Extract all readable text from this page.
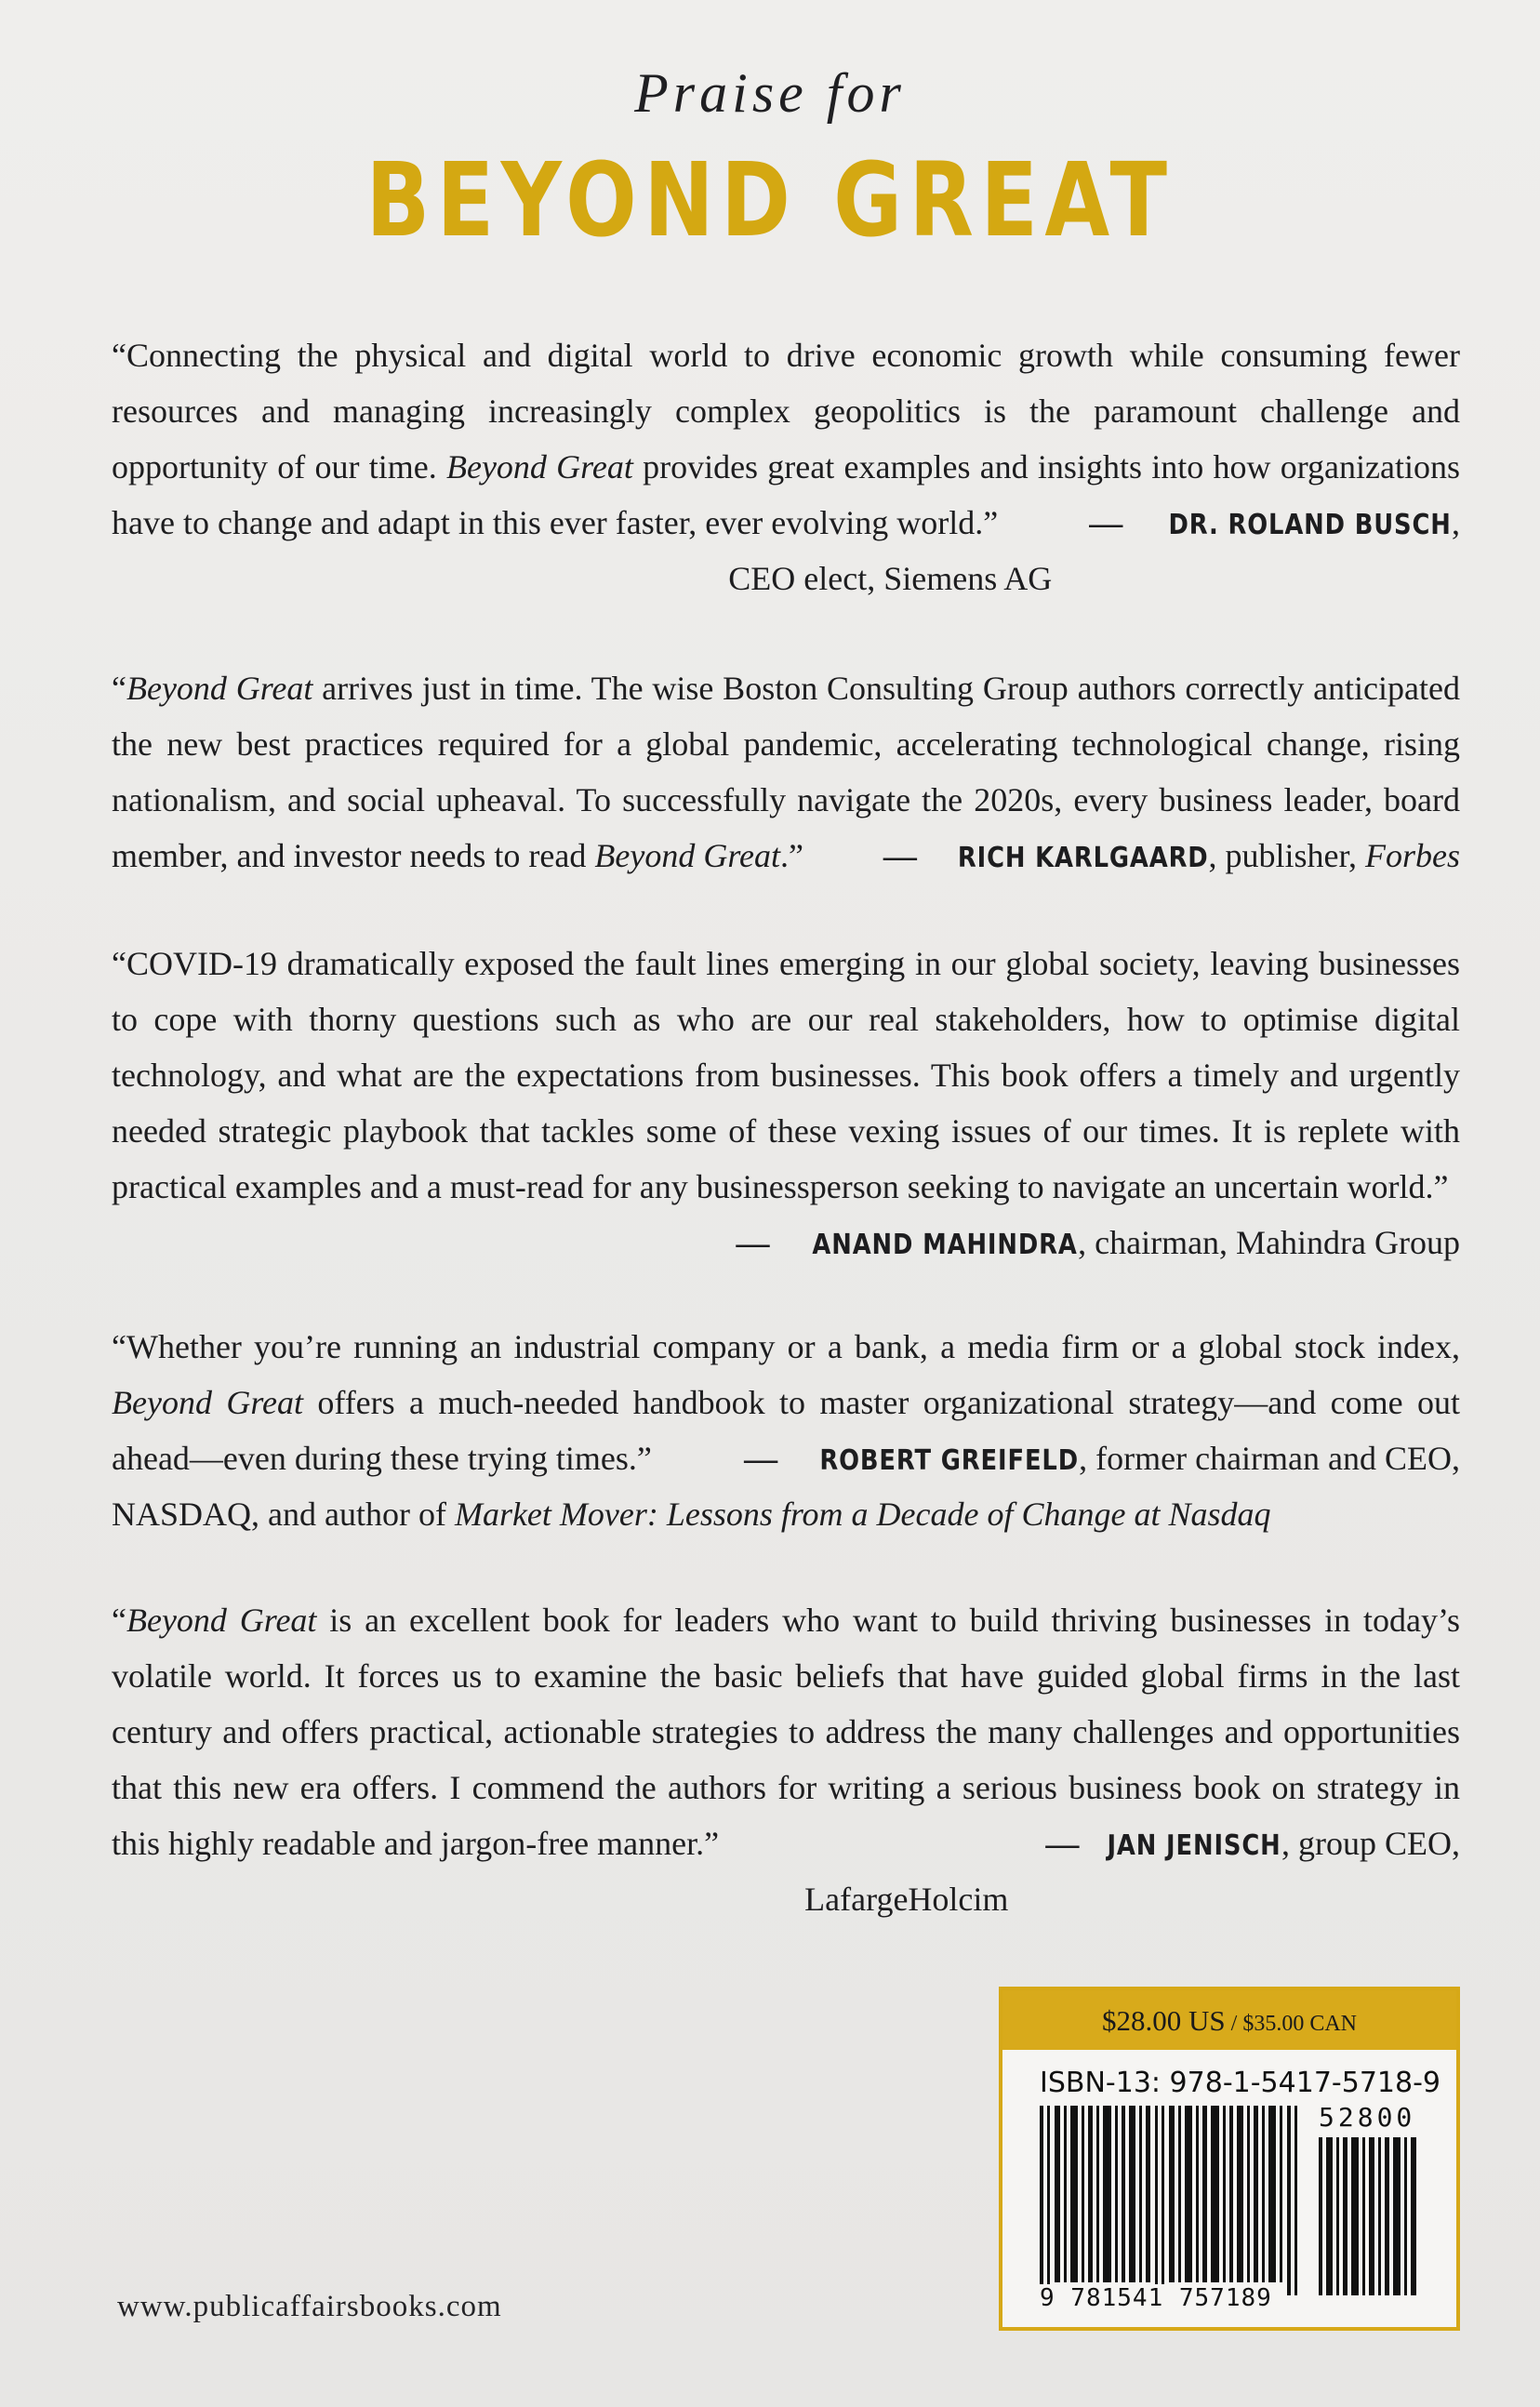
Praise for
BEYOND GREAT

“Connecting the physical and digital world to drive economic growth while consuming fewer resources and managing increasingly complex geopolitics is the paramount challenge and opportunity of our time. Beyond Great provides great examples and insights into how organizations have to change and adapt in this ever faster, ever evolving world.”	— DR. ROLAND BUSCH,

CEO elect, Siemens AG

“Beyond Great arrives just in time. The wise Boston Consulting Group authors correctly anticipated the new best practices required for a global pandemic, accelerating technological change, rising nationalism, and social upheaval. To successfully navigate the 2020s, every business leader, board member, and investor needs to read Beyond Great.” — RICH KARLGAARD, publisher, Forbes

“COVID-19 dramatically exposed the fault lines emerging in our global society, leaving businesses to cope with thorny questions such as who are our real stakeholders, how to optimise digital technology, and what are the expectations from businesses. This book offers a timely and urgently needed strategic playbook that tackles some of these vexing issues of our times. It is replete with practical examples and a must-read for any businessperson seeking to navigate an uncertain world.”
— ANAND MAHINDRA, chairman, Mahindra Group

“Whether you’re running an industrial company or a bank, a media firm or a global stock index, Beyond Great offers a much-needed handbook to master organizational strategy—and come out ahead—even during these trying times.”	— ROBERT GREIFELD, former chairman and CEO,

NASDAQ, and author of Market Mover: Lessons from a Decade of Change at Nasdaq

“Beyond Great is an excellent book for leaders who want to build thriving businesses in today’s volatile world. It forces us to examine the basic beliefs that have guided global firms in the last century and offers practical, actionable strategies to address the many challenges and opportunities that this new era offers. I commend the authors for writing a serious business book on strategy in this highly readable and jargon-free manner.”	— JAN JENISCH, group CEO,

LafargeHolcim

www.publicaffairsbooks.com
$28.00 US / $35.00 CAN
ISBN-13: 978-1-5417-5718-9
52800
9 781541 757189
